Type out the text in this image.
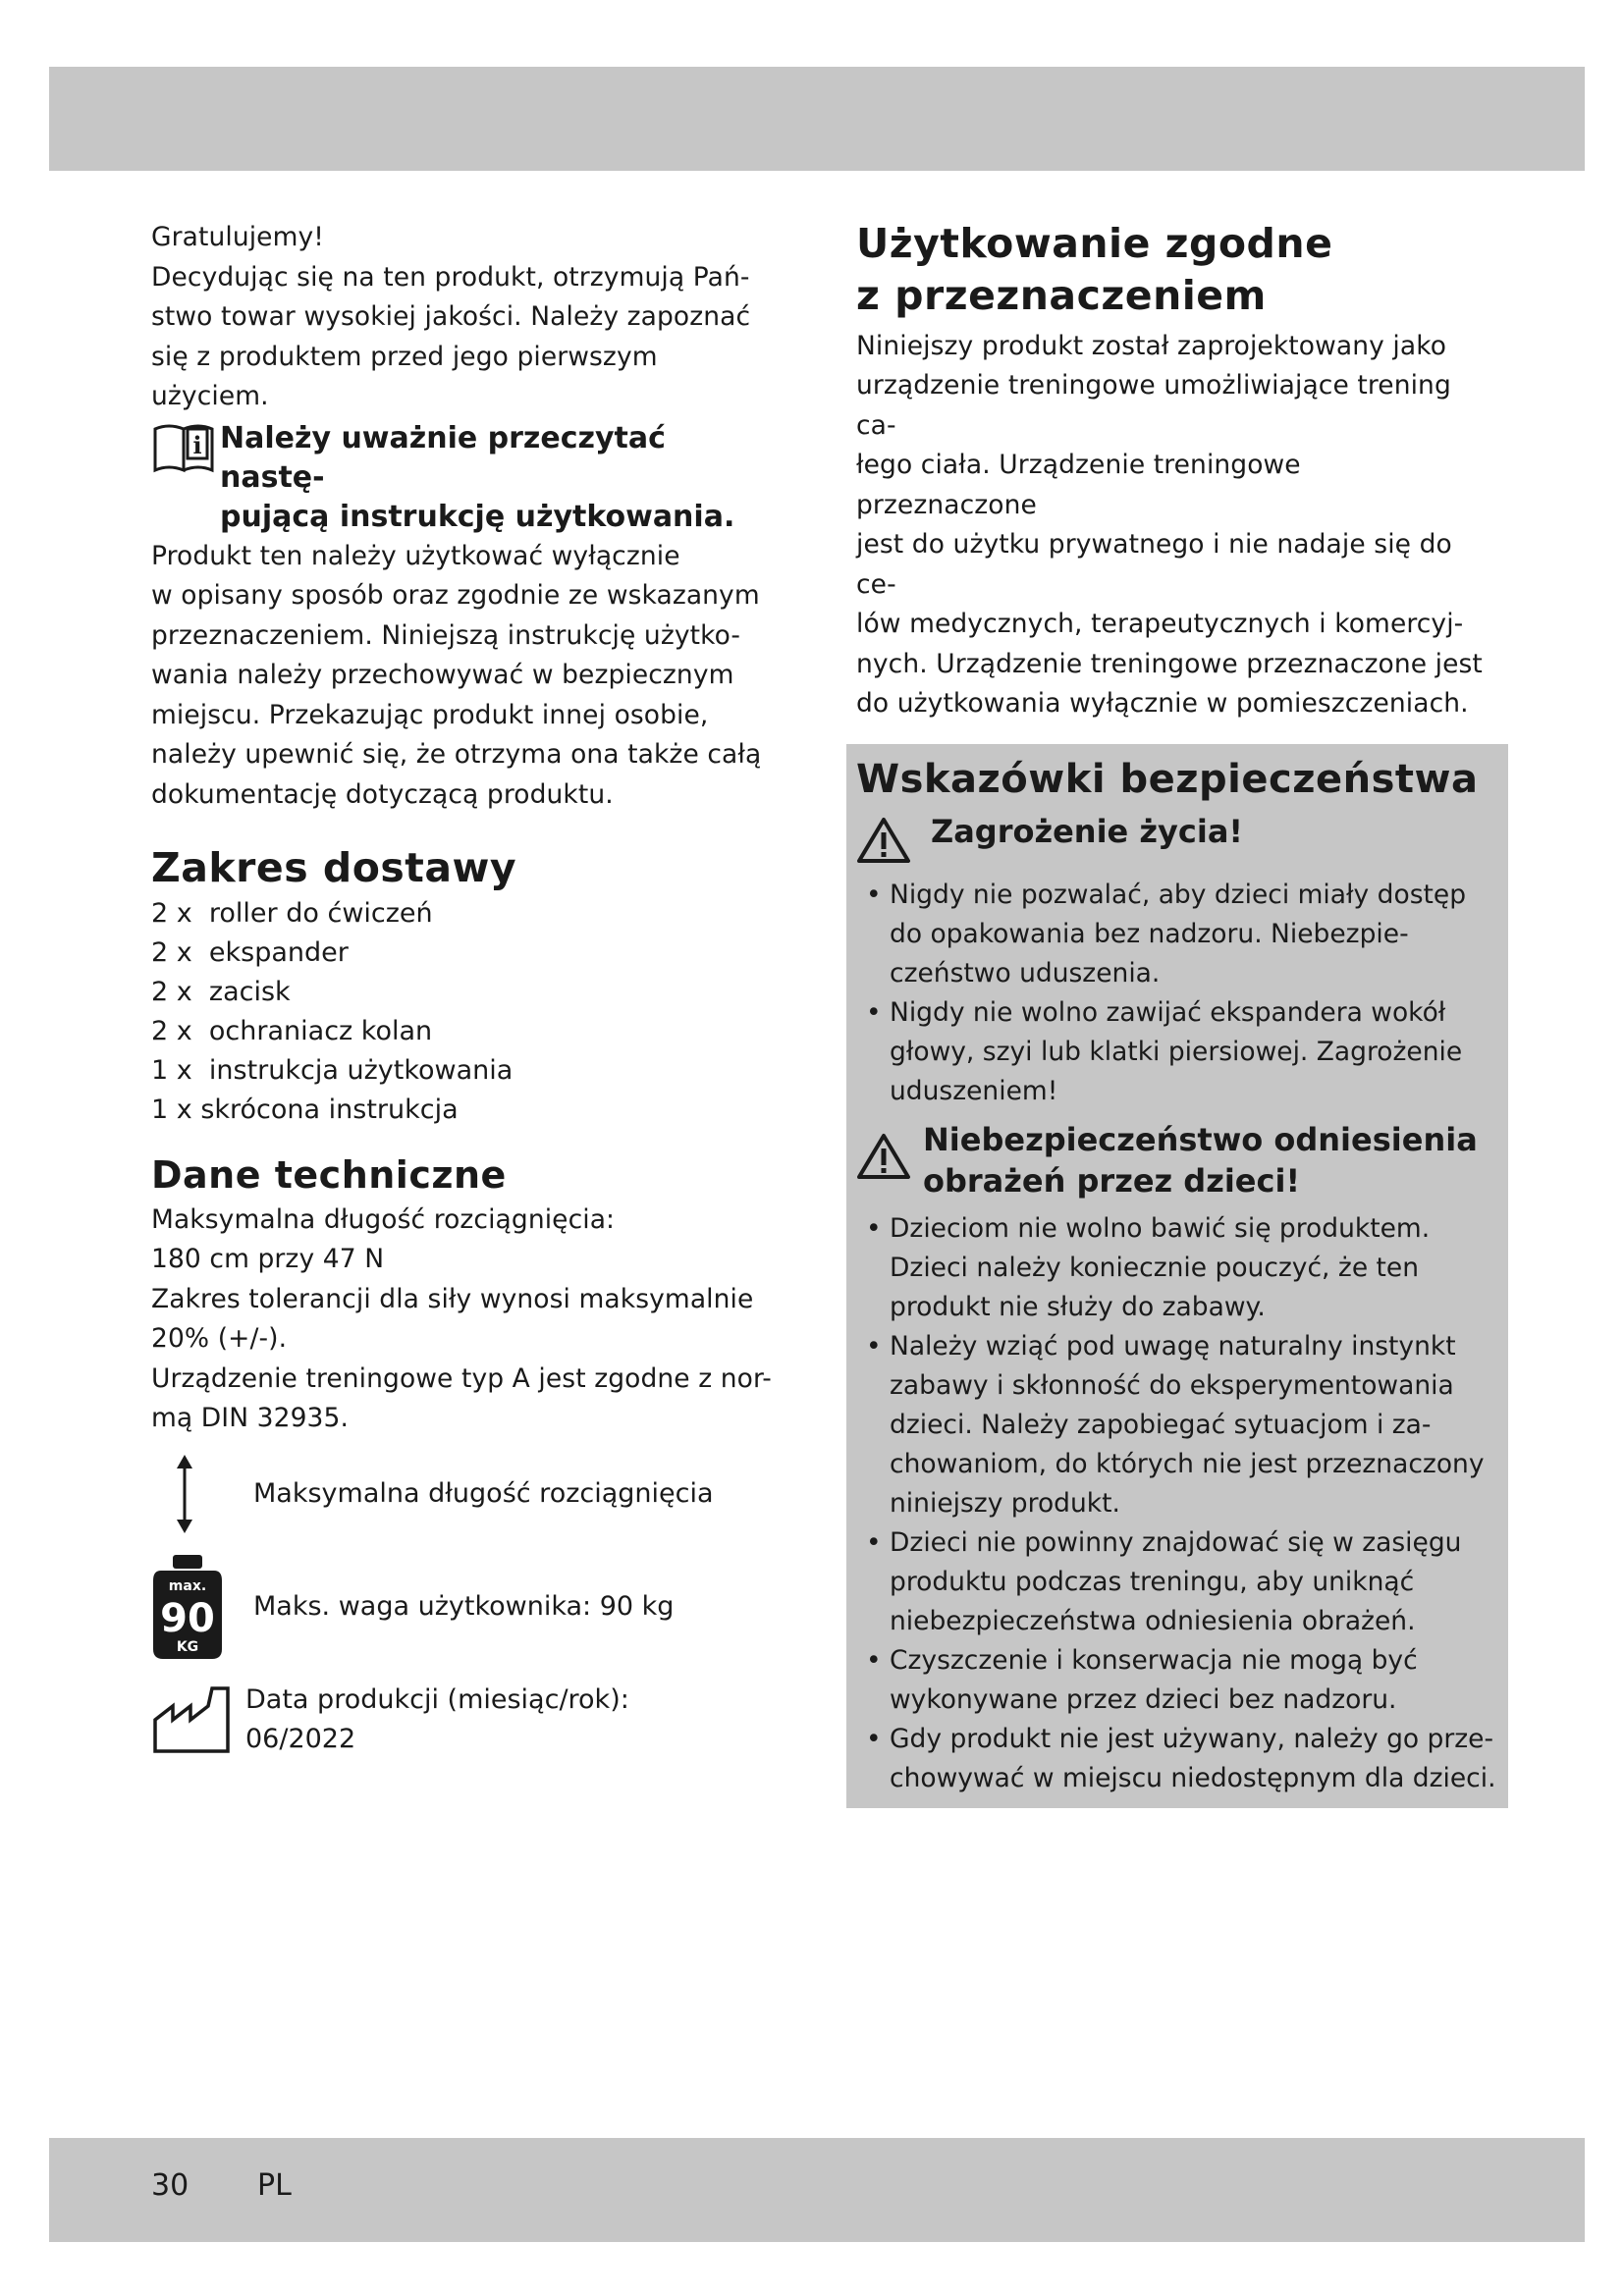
Gratulujemy!

Decydując się na ten produkt, otrzymują Pań-

stwo towar wysokiej jakości. Należy zapoznać

się z produktem przed jego pierwszym użyciem.

i Należy uważnie przeczytać nastę-

pującą instrukcję użytkowania.

Produkt ten należy użytkować wyłącznie

w opisany sposób oraz zgodnie ze wskazanym

przeznaczeniem. Niniejszą instrukcję użytko-

wania należy przechowywać w bezpiecznym

miejscu. Przekazując produkt innej osobie,

należy upewnić się, że otrzyma ona także całą

dokumentację dotyczącą produktu.

Zakres dostawy
2 x roller do ćwiczeń
2 x ekspander
2 x zacisk
2 x ochraniacz kolan
1 x instrukcja użytkowania
1 x skrócona instrukcja
Dane techniczne

Maksymalna długość rozciągnięcia:

180 cm przy 47 N

Zakres tolerancji dla siły wynosi maksymalnie

20% (+/-).

Urządzenie treningowe typ A jest zgodne z nor-

mą DIN 32935.

Maksymalna długość rozciągnięcia
max.
90
KG
Maks. waga użytkownika: 90 kg

Data produkcji (miesiąc/rok):

06/2022

Użytkowanie zgodne
z przeznaczeniem

Niniejszy produkt został zaprojektowany jako

urządzenie treningowe umożliwiające trening ca-

łego ciała. Urządzenie treningowe przeznaczone

jest do użytku prywatnego i nie nadaje się do ce-

lów medycznych, terapeutycznych i komercyj-

nych. Urządzenie treningowe przeznaczone jest

do użytkowania wyłącznie w pomieszczeniach.

Wskazówki bezpieczeństwa
Zagrożenie życia!
• Nigdy nie pozwalać, aby dzieci miały dostęp
do opakowania bez nadzoru. Niebezpie-
czeństwo uduszenia.
• Nigdy nie wolno zawijać ekspandera wokół
głowy, szyi lub klatki piersiowej. Zagrożenie
uduszeniem!

Niebezpieczeństwo odniesienia

obrażeń przez dzieci!

• Dzieciom nie wolno bawić się produktem.
Dzieci należy koniecznie pouczyć, że ten
produkt nie służy do zabawy.
• Należy wziąć pod uwagę naturalny instynkt
zabawy i skłonność do eksperymentowania
dzieci. Należy zapobiegać sytuacjom i za-
chowaniom, do których nie jest przeznaczony
niniejszy produkt.
• Dzieci nie powinny znajdować się w zasięgu
produktu podczas treningu, aby uniknąć
niebezpieczeństwa odniesienia obrażeń.
• Czyszczenie i konserwacja nie mogą być
wykonywane przez dzieci bez nadzoru.
• Gdy produkt nie jest używany, należy go prze-
chowywać w miejscu niedostępnym dla dzieci.
30 PL
